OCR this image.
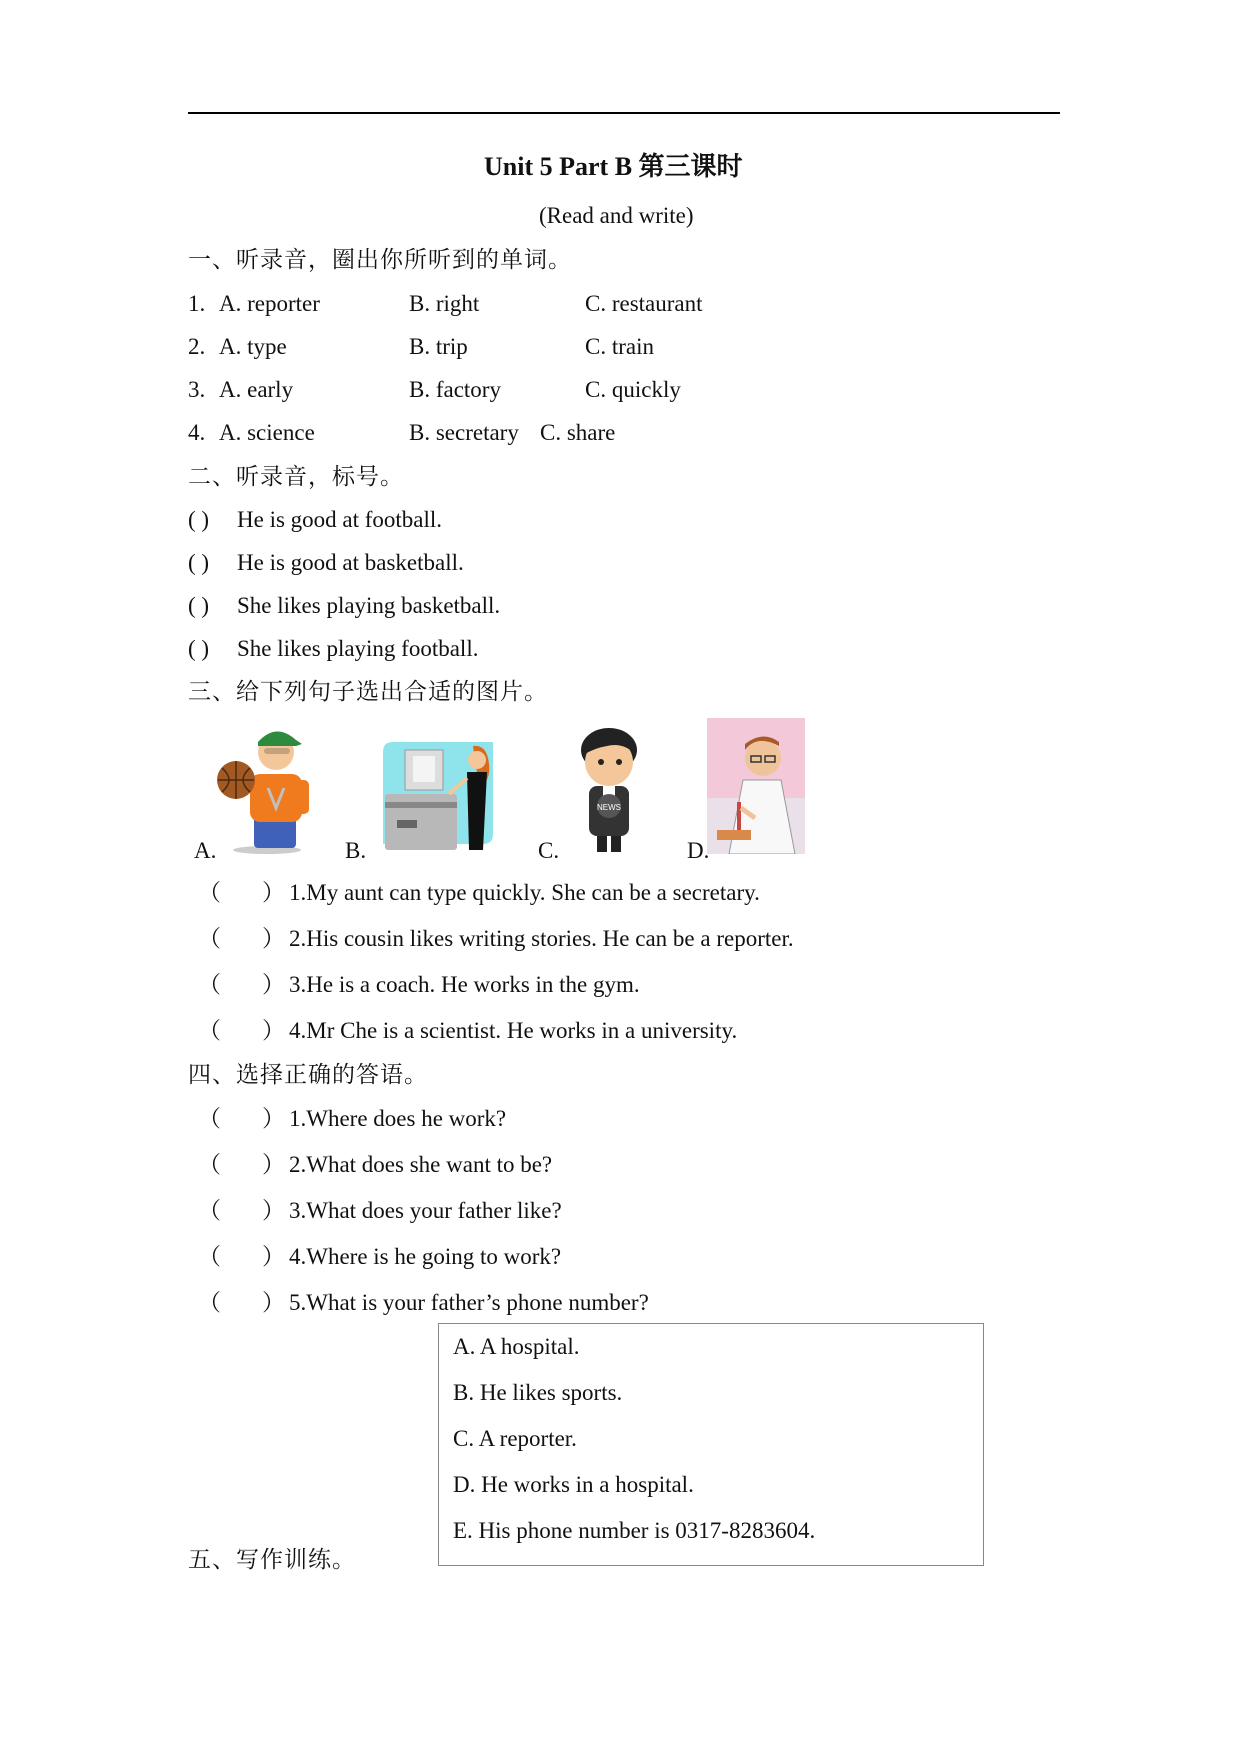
Unit 5 Part B 第三课时
(Read and write)
一、听录音，圈出你所听到的单词。
1. A. reporter	B. right	C. restaurant
2. A. type	B. trip	C. train
3. A. early	B. factory	C. quickly
4. A. science	B. secretary C. share
二、听录音，标号。
( ) He is good at football.
( ) He is good at basketball.
( ) She likes playing basketball.
( ) She likes playing football.
三、给下列句子选出合适的图片。
A.	B.
NEWS
C.	D.
（ ） 1.My aunt can type quickly. She can be a secretary.
（ ） 2.His cousin likes writing stories. He can be a reporter.
（ ） 3.He is a coach. He works in the gym.
（ ） 4.Mr Che is a scientist. He works in a university.
四、选择正确的答语。
（ ） 1.Where does he work?
（ ） 2.What does she want to be?
（ ） 3.What does your father like?
（ ） 4.Where is he going to work?
（ ） 5.What is your father’s phone number?
A. A hospital.
B. He likes sports.
C. A reporter.
D. He works in a hospital.
E. His phone number is 0317-8283604.
五、写作训练。
